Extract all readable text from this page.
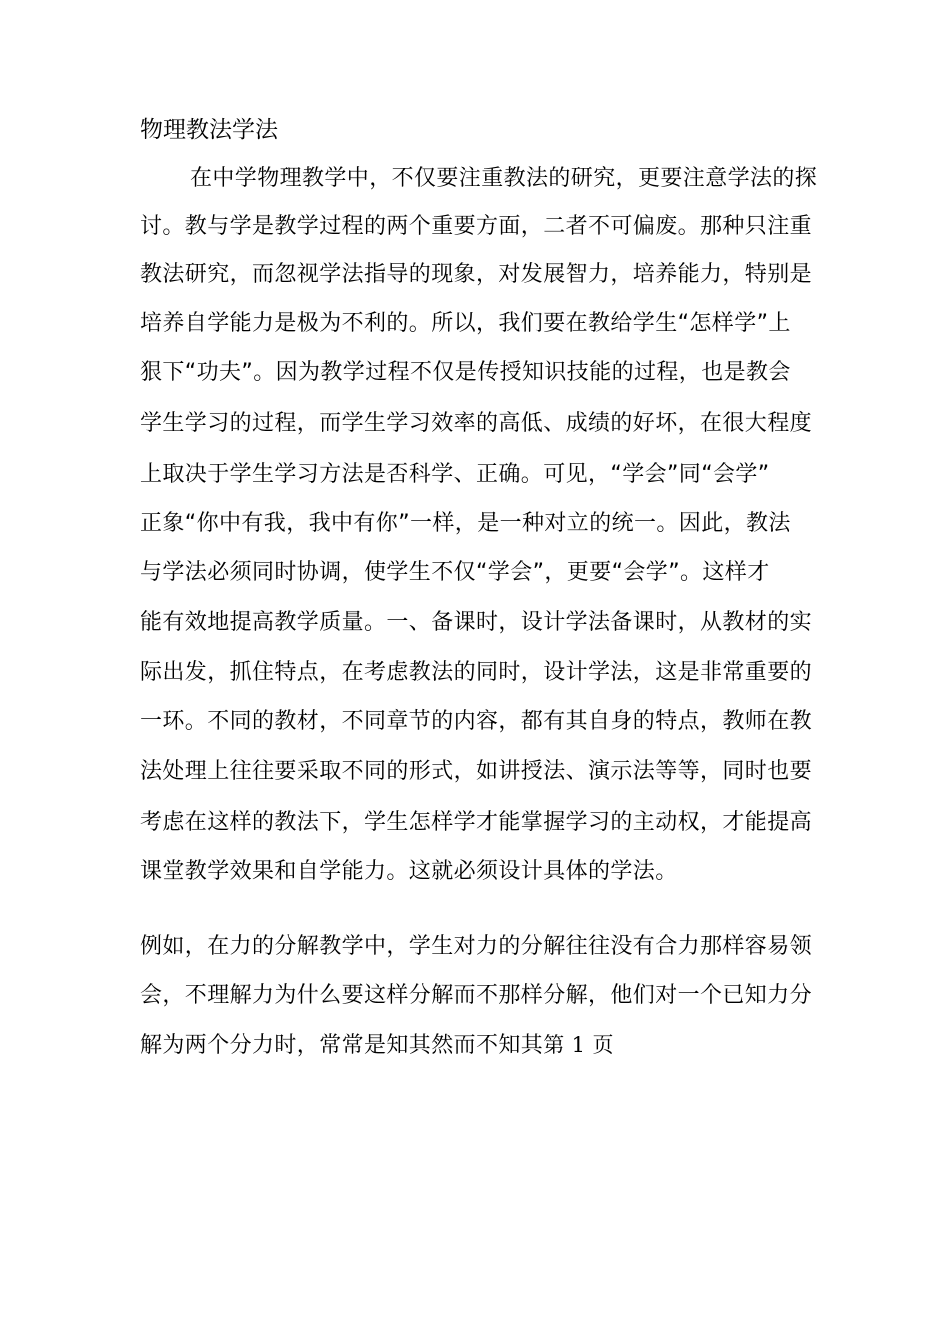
物理教法学法
在中学物理教学中，不仅要注重教法的研究，更要注意学法的探
讨。教与学是教学过程的两个重要方面，二者不可偏废。那种只注重
教法研究，而忽视学法指导的现象，对发展智力，培养能力，特别是
培养自学能力是极为不利的。所以，我们要在教给学生“怎样学”上
狠下“功夫”。因为教学过程不仅是传授知识技能的过程，也是教会
学生学习的过程，而学生学习效率的高低、成绩的好坏，在很大程度
上取决于学生学习方法是否科学、正确。可见，“学会”同“会学”
正象“你中有我，我中有你”一样，是一种对立的统一。因此，教法
与学法必须同时协调，使学生不仅“学会”，更要“会学”。这样才
能有效地提高教学质量。一、备课时，设计学法备课时，从教材的实
际出发，抓住特点，在考虑教法的同时，设计学法，这是非常重要的
一环。不同的教材，不同章节的内容，都有其自身的特点，教师在教
法处理上往往要采取不同的形式，如讲授法、演示法等等，同时也要
考虑在这样的教法下，学生怎样学才能掌握学习的主动权，才能提高
课堂教学效果和自学能力。这就必须设计具体的学法。
例如，在力的分解教学中，学生对力的分解往往没有合力那样容易领
会，不理解力为什么要这样分解而不那样分解，他们对一个已知力分
解为两个分力时，常常是知其然而不知其第 1 页
